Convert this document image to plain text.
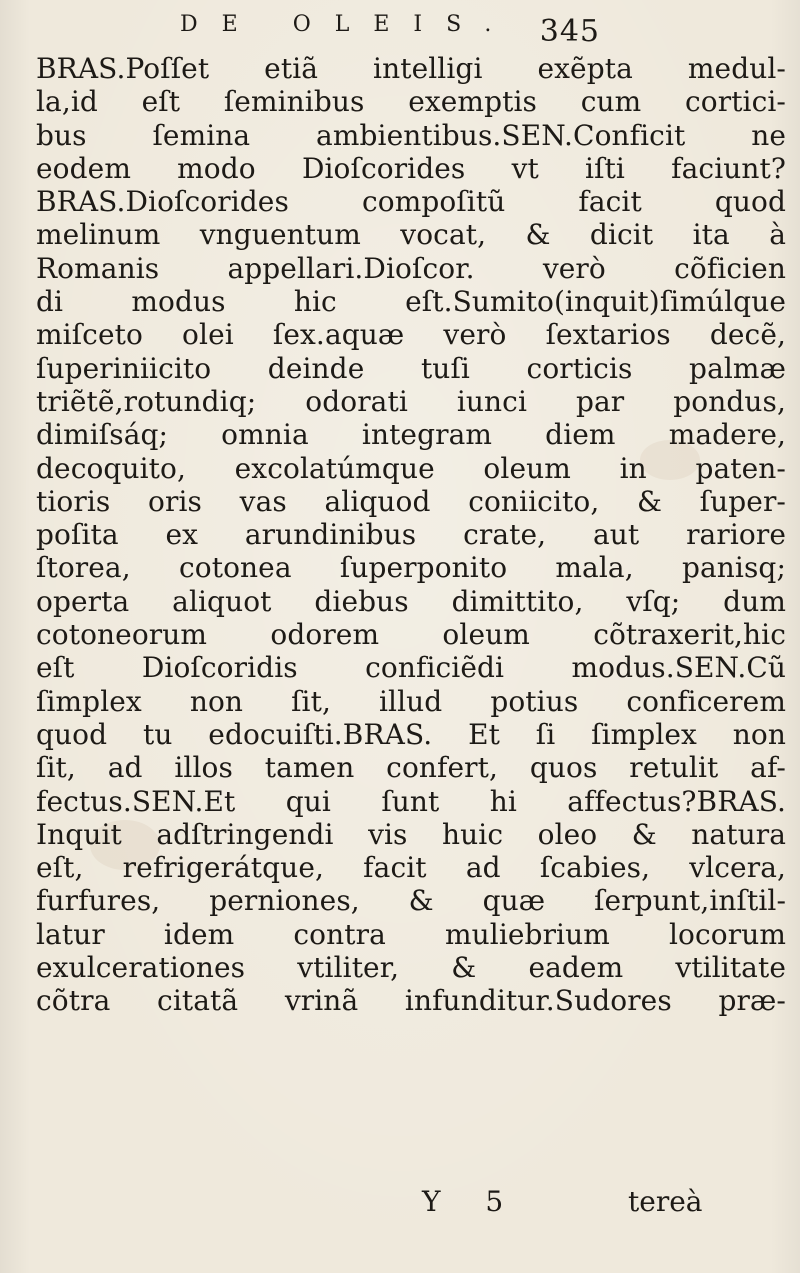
DE OLEIS. 345
BRAS.Poſſet etiã intelligi exẽpta medul-
la,id eſt ſeminibus exemptis cum cortici-
bus ſemina ambientibus.SEN.Conficit ne
eodem modo Dioſcorides vt iſti faciunt?
BRAS.Dioſcorides compoſitũ facit quod
melinum vnguentum vocat, & dicit ita à
Romanis appellari.Dioſcor. verò cõficien
di modus hic eſt.Sumito(inquit)ſimúlque
miſceto olei ſex.aquæ verò ſextarios decẽ,
ſuperiniicito deinde tuſi corticis palmæ
triẽtẽ,rotundiq; odorati iunci par pondus,
dimiſsáq; omnia integram diem madere,
decoquito, excolatúmque oleum in paten-
tioris oris vas aliquod coniicito, & ſuper-
poſita ex arundinibus crate, aut rariore
ſtorea, cotonea ſuperponito mala, panisq;
operta aliquot diebus dimittito, vſq; dum
cotoneorum odorem oleum cõtraxerit,hic
eſt Dioſcoridis conficiẽdi modus.SEN.Cũ
ſimplex non ſit, illud potius conficerem
quod tu edocuiſti.BRAS. Et ſi ſimplex non
ſit, ad illos tamen confert, quos retulit af-
fectus.SEN.Et qui ſunt hi affectus?BRAS.
Inquit adſtringendi vis huic oleo & natura
eſt, refrigerátque, facit ad ſcabies, vlcera,
furfures, perniones, & quæ ſerpunt,inſtil-
latur idem contra muliebrium locorum
exulcerationes vtiliter, & eadem vtilitate
cõtra citatã vrinã infunditur.Sudores præ-
Y 5	tereà
